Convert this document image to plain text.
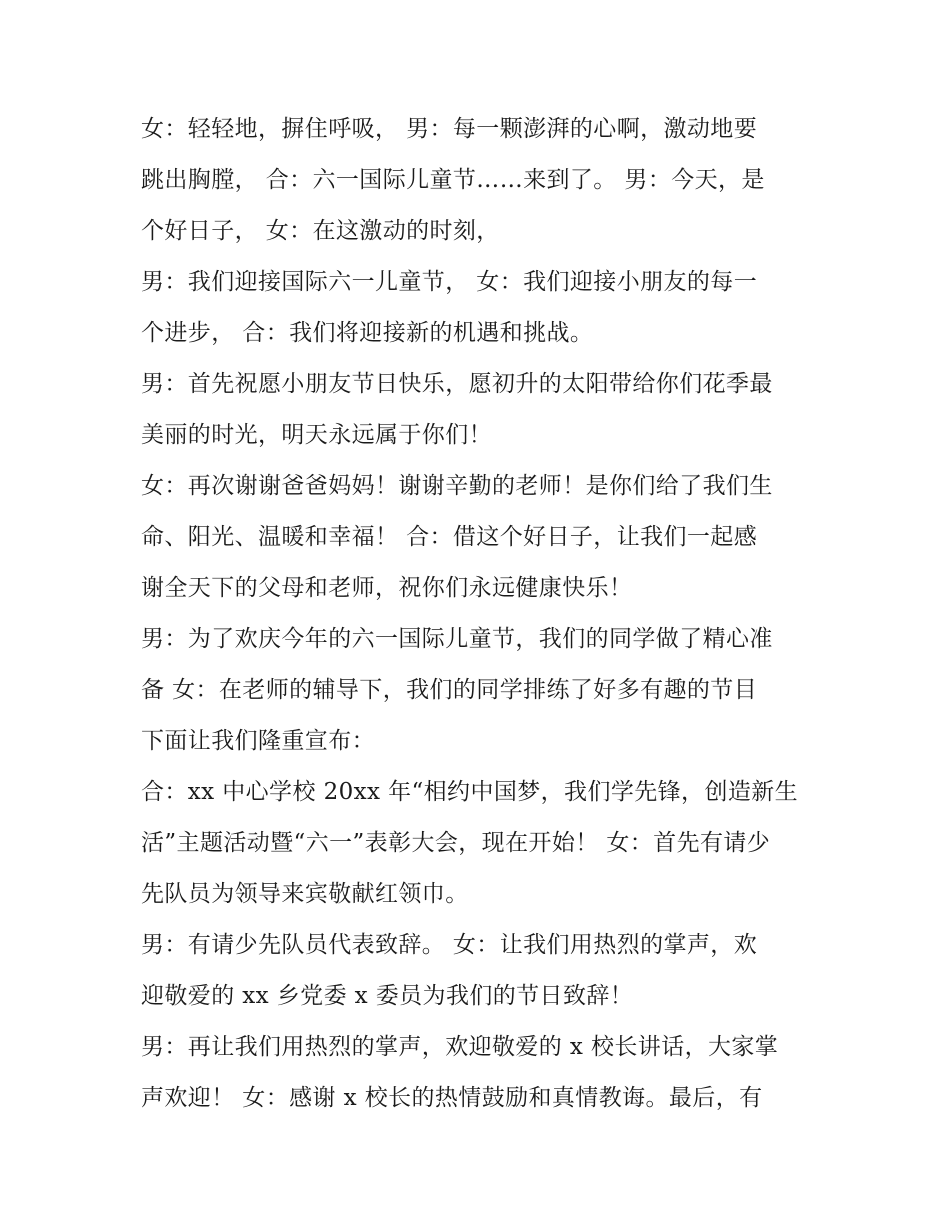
女：轻轻地，摒住呼吸， 男：每一颗澎湃的心啊，激动地要
跳出胸膛， 合：六一国际儿童节……来到了。 男：今天，是
个好日子， 女：在这激动的时刻，
男：我们迎接国际六一儿童节， 女：我们迎接小朋友的每一
个进步， 合：我们将迎接新的机遇和挑战。
男：首先祝愿小朋友节日快乐，愿初升的太阳带给你们花季最
美丽的时光，明天永远属于你们！
女：再次谢谢爸爸妈妈！谢谢辛勤的老师！是你们给了我们生
命、阳光、温暖和幸福！ 合：借这个好日子，让我们一起感
谢全天下的父母和老师，祝你们永远健康快乐！
男：为了欢庆今年的六一国际儿童节，我们的同学做了精心准
备 女：在老师的辅导下，我们的同学排练了好多有趣的节目
下面让我们隆重宣布：
合：xx 中心学校 20xx 年“相约中国梦，我们学先锋，创造新生
活”主题活动暨“六一”表彰大会，现在开始！ 女：首先有请少
先队员为领导来宾敬献红领巾。
男：有请少先队员代表致辞。 女：让我们用热烈的掌声，欢
迎敬爱的 xx 乡党委 x 委员为我们的节日致辞！
男：再让我们用热烈的掌声，欢迎敬爱的 x 校长讲话，大家掌
声欢迎！ 女：感谢 x 校长的热情鼓励和真情教诲。最后，有
